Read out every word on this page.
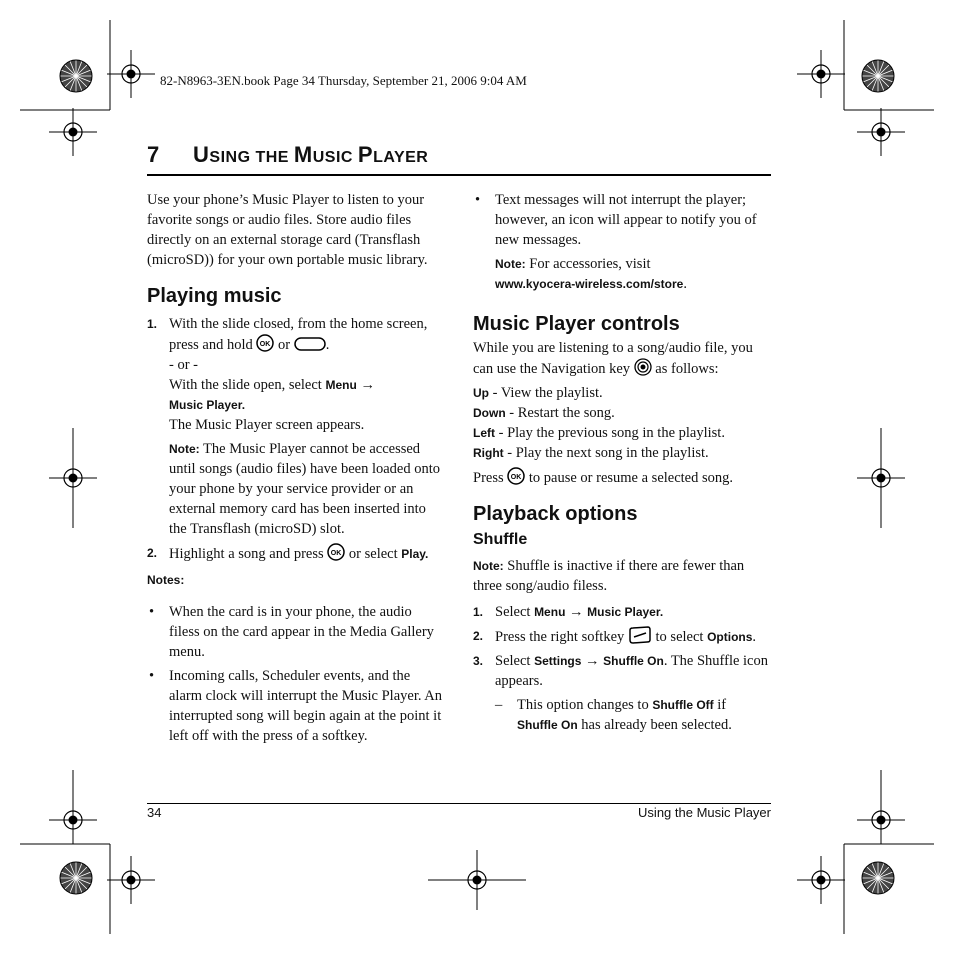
82-N8963-3EN.book Page 34 Thursday, September 21, 2006 9:04 AM
7 USING THE MUSIC PLAYER

Use your phone’s Music Player to listen to your favorite songs or audio files. Store audio files directly on an external storage card (Transflash (microSD)) for your own portable music library.

Playing music
1. With the slide closed, from the home screen, press and hold OK or .
- or -
With the slide open, select Menu →
Music Player.
The Music Player screen appears.

Note: The Music Player cannot be accessed until songs (audio files) have been loaded onto your phone by your service provider or an external memory card has been inserted into the Transflash (microSD) slot.

2. Highlight a song and press OK or select Play.
Notes:
• When the card is in your phone, the audio filess on the card appear in the Media Gallery menu.
• Incoming calls, Scheduler events, and the alarm clock will interrupt the Music Player. An interrupted song will begin again at the point it left off with the press of a softkey.
• Text messages will not interrupt the player; however, an icon will appear to notify you of new messages.

Note: For accessories, visit
www.kyocera-wireless.com/store.

Music Player controls

While you are listening to a song/audio file, you can use the Navigation key as follows:

Up - View the playlist.
Down - Restart the song.
Left - Play the previous song in the playlist.
Right - Play the next song in the playlist.

Press OK to pause or resume a selected song.

Playback options
Shuffle

Note: Shuffle is inactive if there are fewer than three song/audio filess.

1. Select Menu → Music Player.
2. Press the right softkey to select Options.
3. Select Settings → Shuffle On. The Shuffle icon appears.
– This option changes to Shuffle Off if
Shuffle On has already been selected.
34	Using the Music Player
